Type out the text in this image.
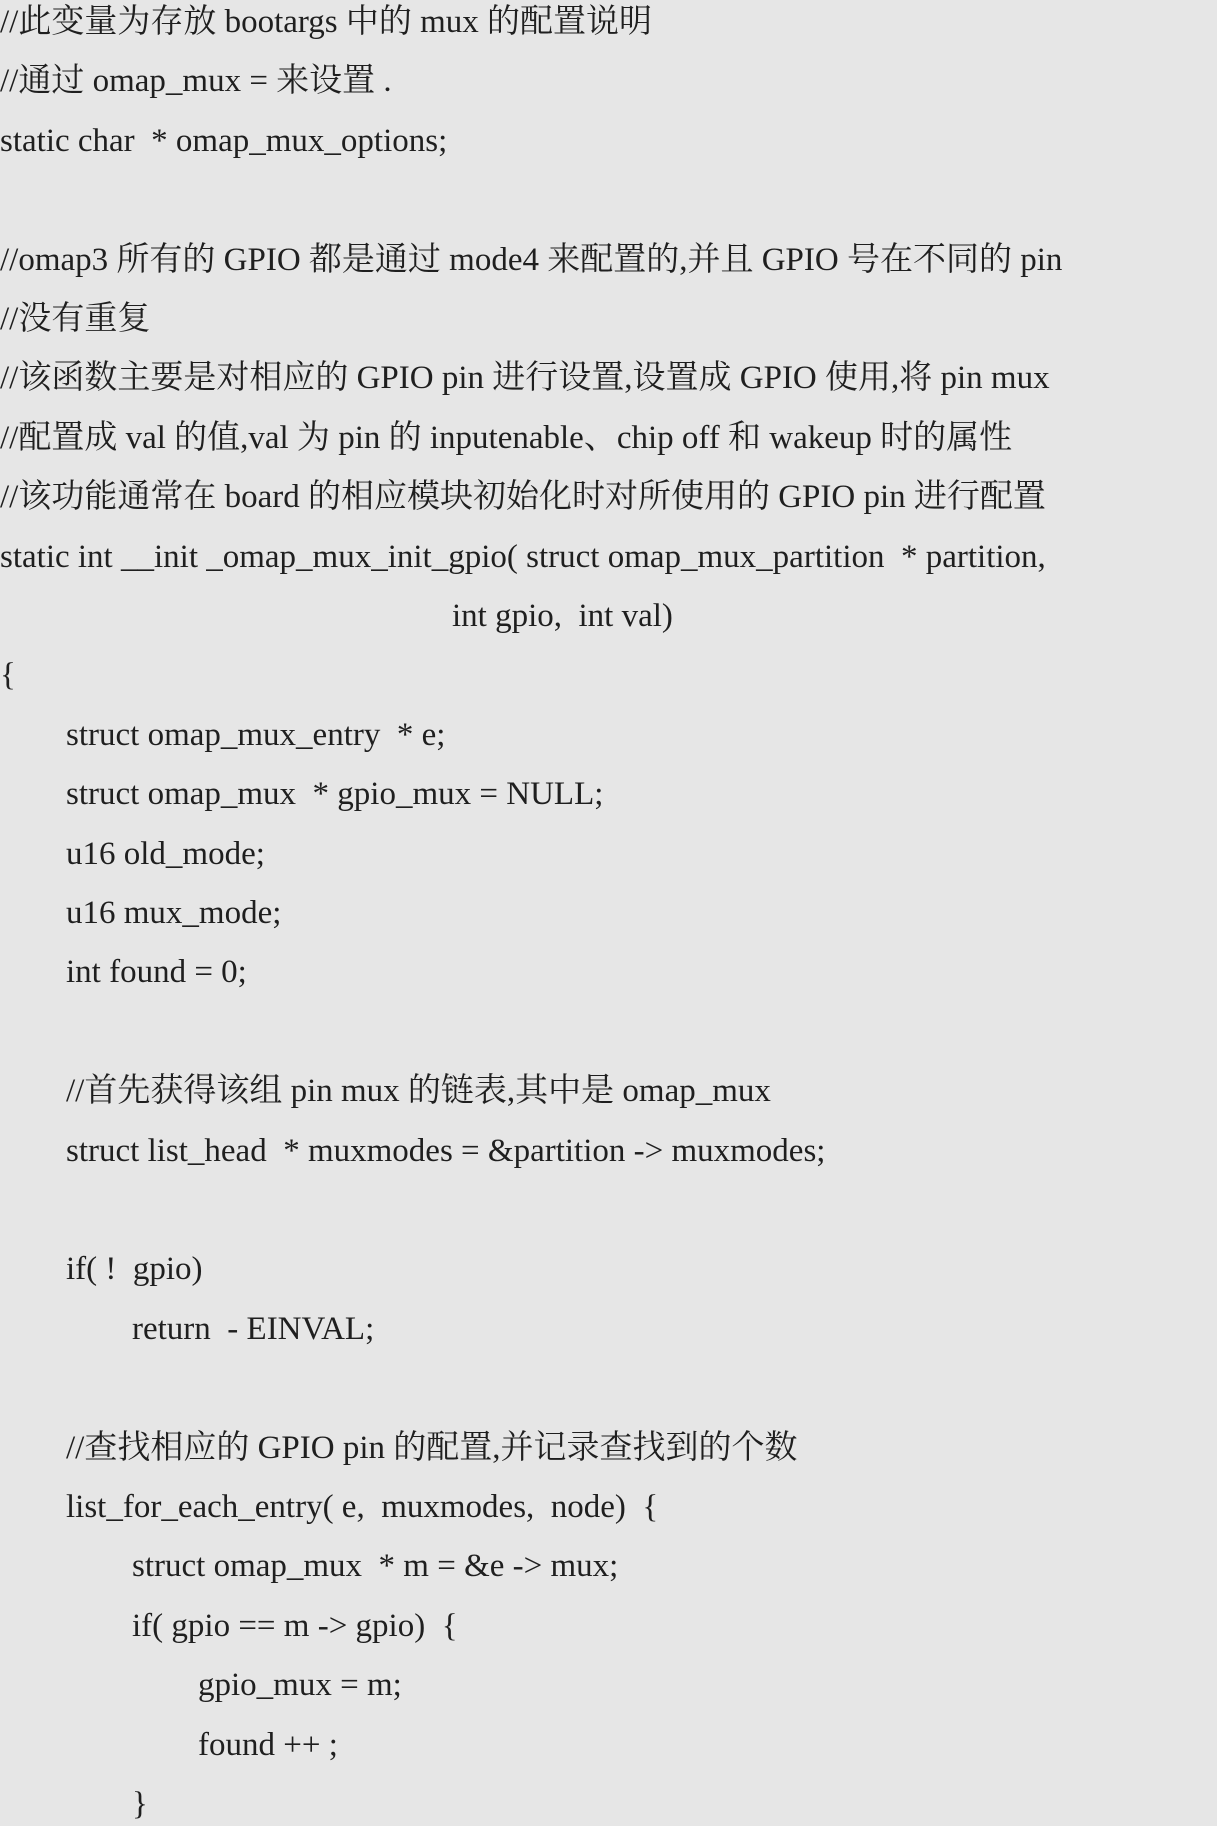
//此变量为存放 bootargs 中的 mux 的配置说明
//通过 omap_mux = 来设置 .
static char  * omap_mux_options;
//omap3 所有的 GPIO 都是通过 mode4 来配置的,并且 GPIO 号在不同的 pin
//没有重复
//该函数主要是对相应的 GPIO pin 进行设置,设置成 GPIO 使用,将 pin mux
//配置成 val 的值,val 为 pin 的 inputenable、chip off 和 wakeup 时的属性
//该功能通常在 board 的相应模块初始化时对所使用的 GPIO pin 进行配置
static int __init _omap_mux_init_gpio( struct omap_mux_partition  * partition,
int gpio,  int val)
{
struct omap_mux_entry  * e;
struct omap_mux  * gpio_mux = NULL;
u16 old_mode;
u16 mux_mode;
int found = 0;
//首先获得该组 pin mux 的链表,其中是 omap_mux
struct list_head  * muxmodes = &partition -> muxmodes;
if( !  gpio)
return  - EINVAL;
//查找相应的 GPIO pin 的配置,并记录查找到的个数
list_for_each_entry( e,  muxmodes,  node)  {
struct omap_mux  * m = &e -> mux;
if( gpio == m -> gpio)  {
gpio_mux = m;
found ++ ;
}
